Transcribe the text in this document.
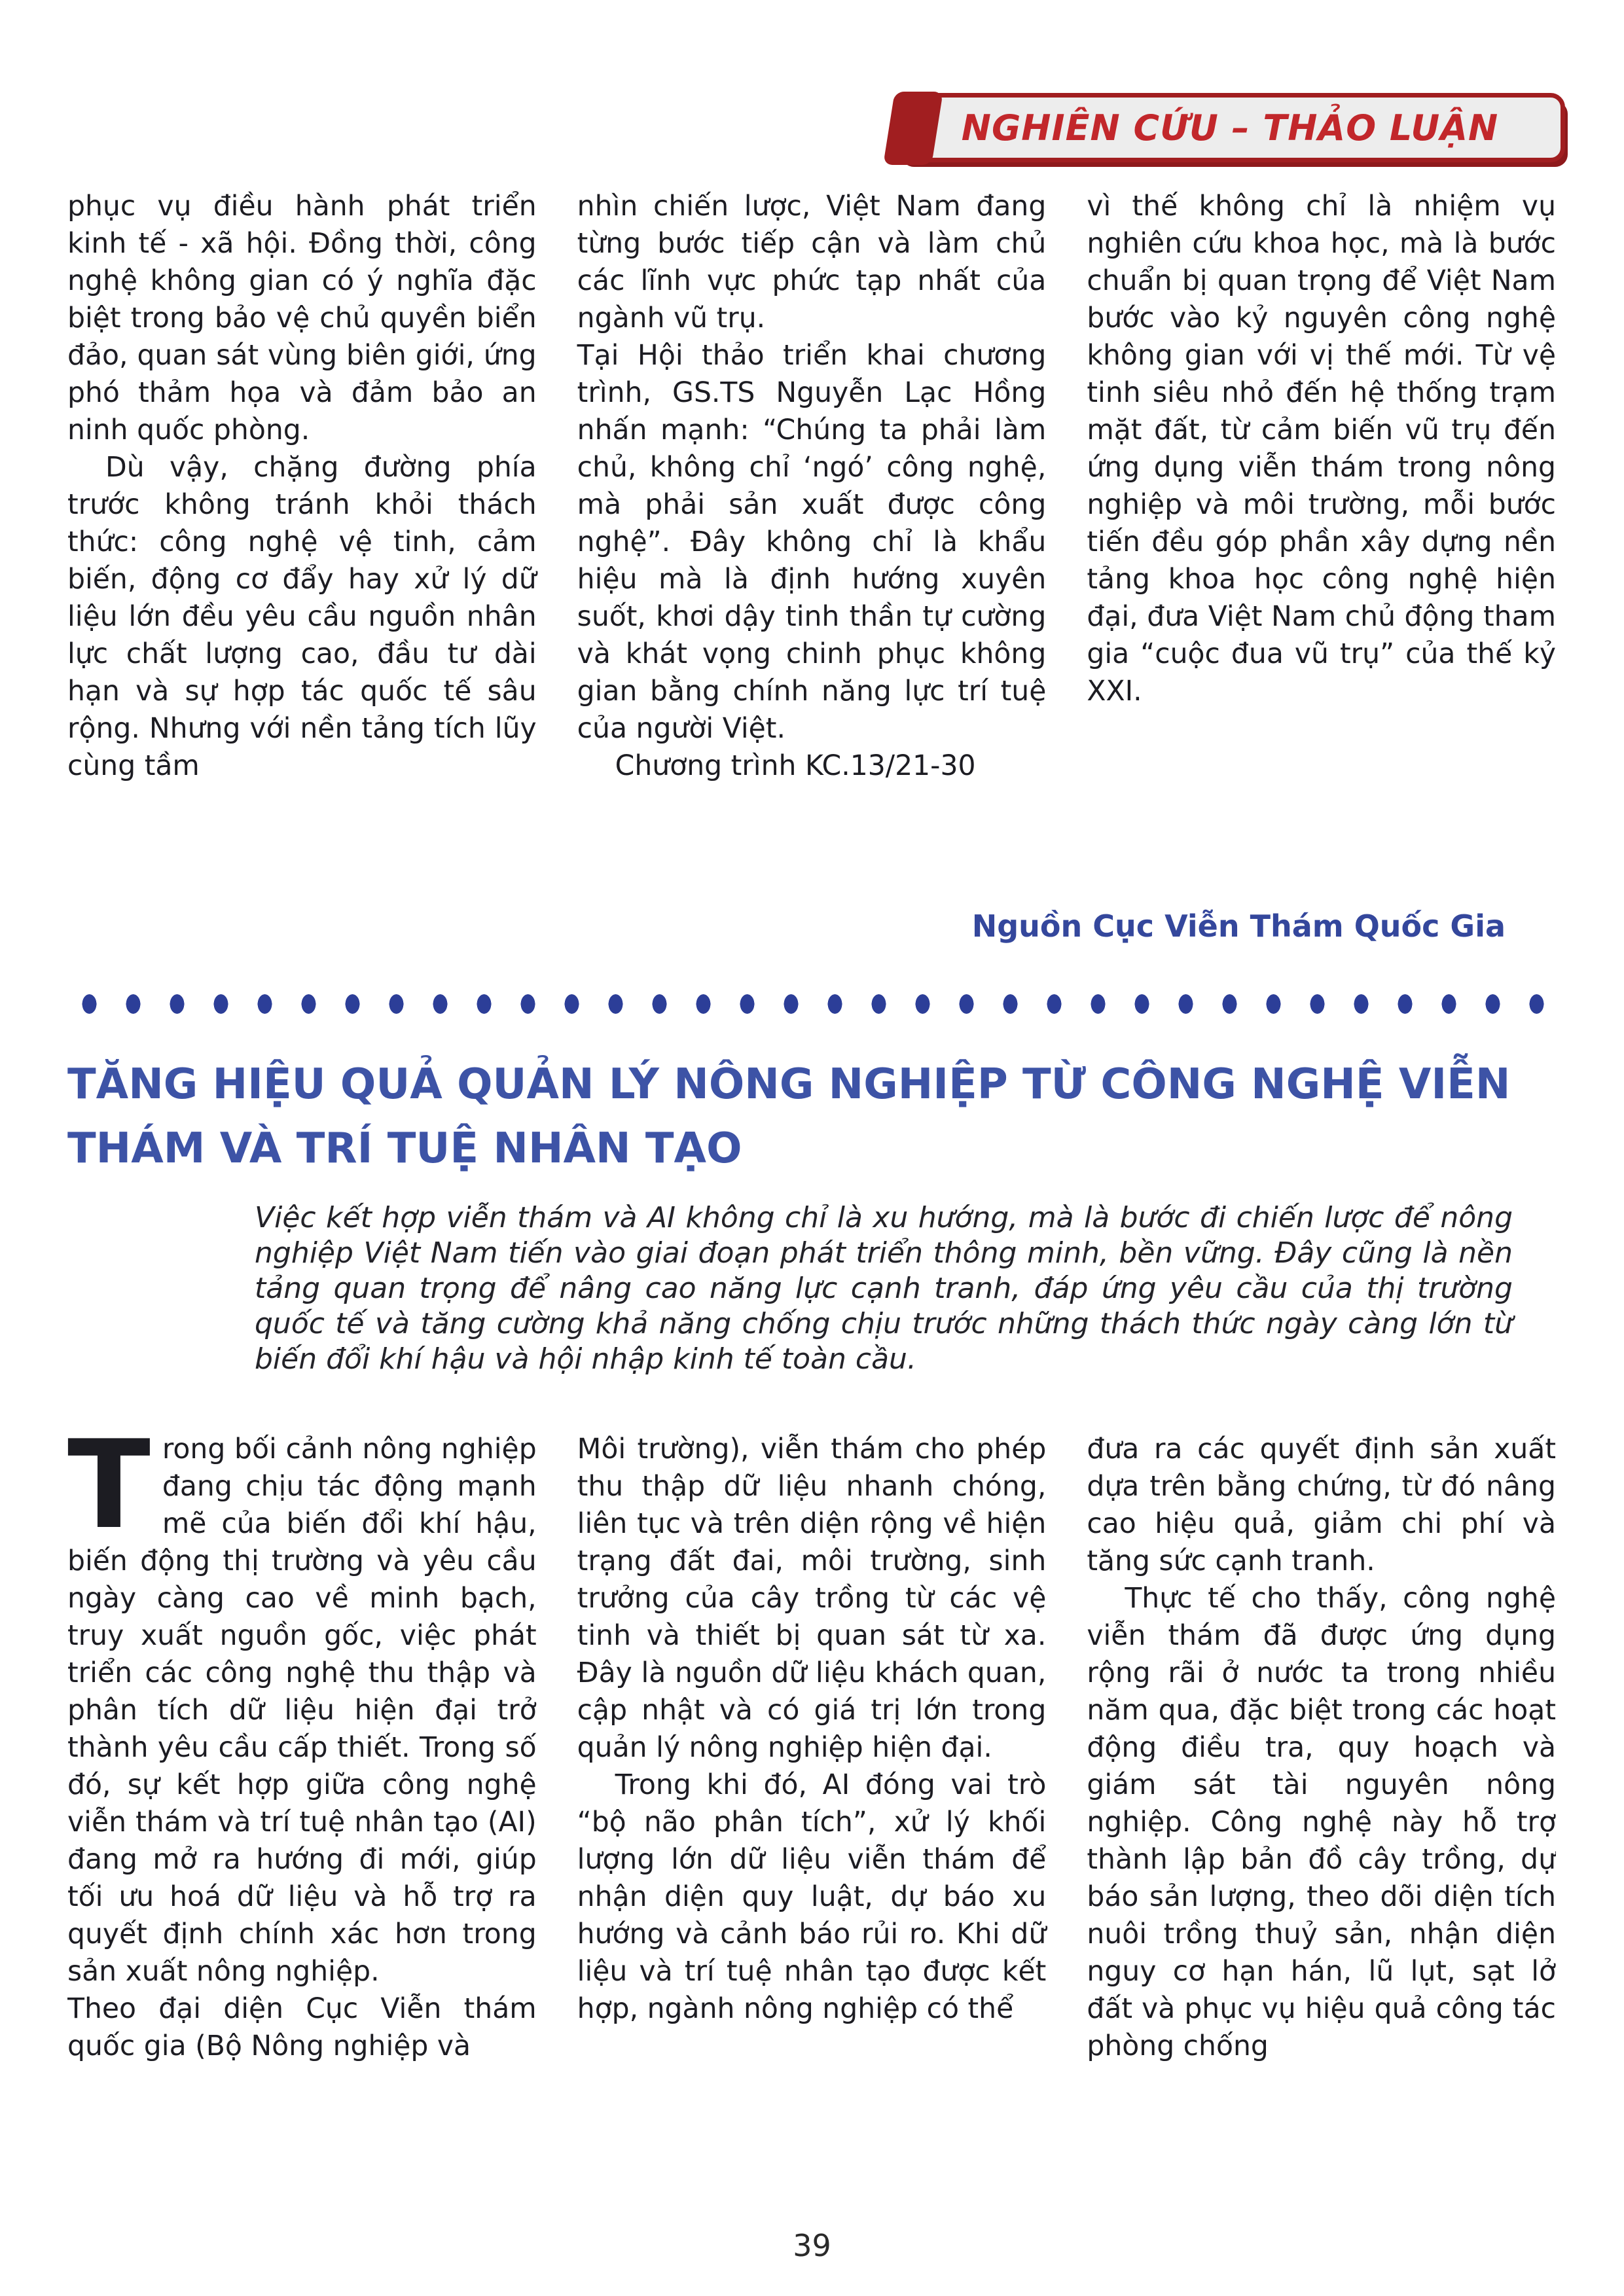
NGHIÊN CỨU – THẢO LUẬN

phục vụ điều hành phát triển kinh tế - xã hội. Đồng thời, công nghệ không gian có ý nghĩa đặc biệt trong bảo vệ chủ quyền biển đảo, quan sát vùng biên giới, ứng phó thảm họa và đảm bảo an ninh quốc phòng.

Dù vậy, chặng đường phía trước không tránh khỏi thách thức: công nghệ vệ tinh, cảm biến, động cơ đẩy hay xử lý dữ liệu lớn đều yêu cầu nguồn nhân lực chất lượng cao, đầu tư dài hạn và sự hợp tác quốc tế sâu rộng. Nhưng với nền tảng tích lũy cùng tầm

nhìn chiến lược, Việt Nam đang từng bước tiếp cận và làm chủ các lĩnh vực phức tạp nhất của ngành vũ trụ.

Tại Hội thảo triển khai chương trình, GS.TS Nguyễn Lạc Hồng nhấn mạnh: “Chúng ta phải làm chủ, không chỉ ‘ngó’ công nghệ, mà phải sản xuất được công nghệ”. Đây không chỉ là khẩu hiệu mà là định hướng xuyên suốt, khơi dậy tinh thần tự cường và khát vọng chinh phục không gian bằng chính năng lực trí tuệ của người Việt.

Chương trình KC.13/21-30

vì thế không chỉ là nhiệm vụ nghiên cứu khoa học, mà là bước chuẩn bị quan trọng để Việt Nam bước vào kỷ nguyên công nghệ không gian với vị thế mới. Từ vệ tinh siêu nhỏ đến hệ thống trạm mặt đất, từ cảm biến vũ trụ đến ứng dụng viễn thám trong nông nghiệp và môi trường, mỗi bước tiến đều góp phần xây dựng nền tảng khoa học công nghệ hiện đại, đưa Việt Nam chủ động tham gia “cuộc đua vũ trụ” của thế kỷ XXI.

Nguồn Cục Viễn Thám Quốc Gia
TĂNG HIỆU QUẢ QUẢN LÝ NÔNG NGHIỆP TỪ CÔNG NGHỆ VIỄN THÁM VÀ TRÍ TUỆ NHÂN TẠO
Việc kết hợp viễn thám và AI không chỉ là xu hướng, mà là bước đi chiến lược để nông nghiệp Việt Nam tiến vào giai đoạn phát triển thông minh, bền vững. Đây cũng là nền tảng quan trọng để nâng cao năng lực cạnh tranh, đáp ứng yêu cầu của thị trường quốc tế và tăng cường khả năng chống chịu trước những thách thức ngày càng lớn từ biến đổi khí hậu và hội nhập kinh tế toàn cầu.

Trong bối cảnh nông nghiệp đang chịu tác động mạnh mẽ của biến đổi khí hậu, biến động thị trường và yêu cầu ngày càng cao về minh bạch, truy xuất nguồn gốc, việc phát triển các công nghệ thu thập và phân tích dữ liệu hiện đại trở thành yêu cầu cấp thiết. Trong số đó, sự kết hợp giữa công nghệ viễn thám và trí tuệ nhân tạo (AI) đang mở ra hướng đi mới, giúp tối ưu hoá dữ liệu và hỗ trợ ra quyết định chính xác hơn trong sản xuất nông nghiệp.

Theo đại diện Cục Viễn thám quốc gia (Bộ Nông nghiệp và

Môi trường), viễn thám cho phép thu thập dữ liệu nhanh chóng, liên tục và trên diện rộng về hiện trạng đất đai, môi trường, sinh trưởng của cây trồng từ các vệ tinh và thiết bị quan sát từ xa. Đây là nguồn dữ liệu khách quan, cập nhật và có giá trị lớn trong quản lý nông nghiệp hiện đại.

Trong khi đó, AI đóng vai trò “bộ não phân tích”, xử lý khối lượng lớn dữ liệu viễn thám để nhận diện quy luật, dự báo xu hướng và cảnh báo rủi ro. Khi dữ liệu và trí tuệ nhân tạo được kết hợp, ngành nông nghiệp có thể

đưa ra các quyết định sản xuất dựa trên bằng chứng, từ đó nâng cao hiệu quả, giảm chi phí và tăng sức cạnh tranh.

Thực tế cho thấy, công nghệ viễn thám đã được ứng dụng rộng rãi ở nước ta trong nhiều năm qua, đặc biệt trong các hoạt động điều tra, quy hoạch và giám sát tài nguyên nông nghiệp. Công nghệ này hỗ trợ thành lập bản đồ cây trồng, dự báo sản lượng, theo dõi diện tích nuôi trồng thuỷ sản, nhận diện nguy cơ hạn hán, lũ lụt, sạt lở đất và phục vụ hiệu quả công tác phòng chống

39
